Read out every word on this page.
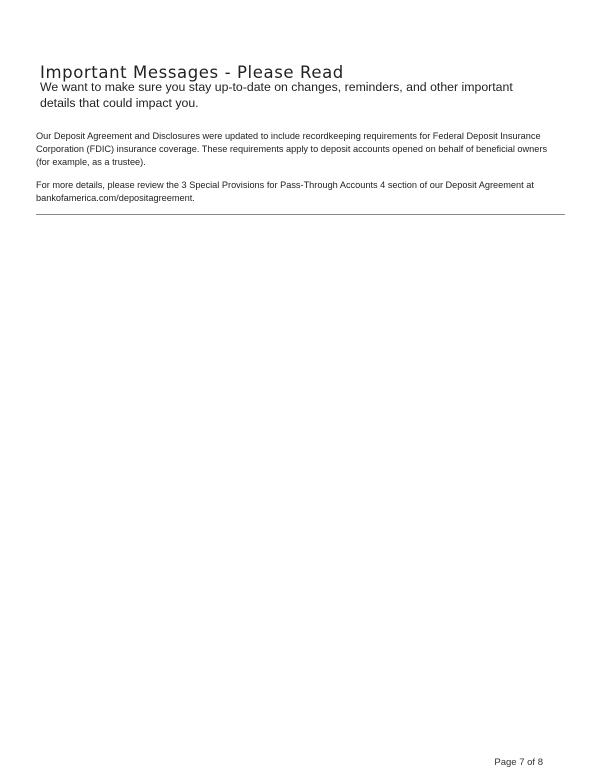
Important Messages - Please Read

We want to make sure you stay up-to-date on changes, reminders, and other important details that could impact you.

Our Deposit Agreement and Disclosures were updated to include recordkeeping requirements for Federal Deposit Insurance Corporation (FDIC) insurance coverage. These requirements apply to deposit accounts opened on behalf of beneficial owners (for example, as a trustee).

For more details, please review the 3 Special Provisions for Pass-Through Accounts 4 section of our Deposit Agreement at bankofamerica.com/depositagreement.

Page 7 of 8
